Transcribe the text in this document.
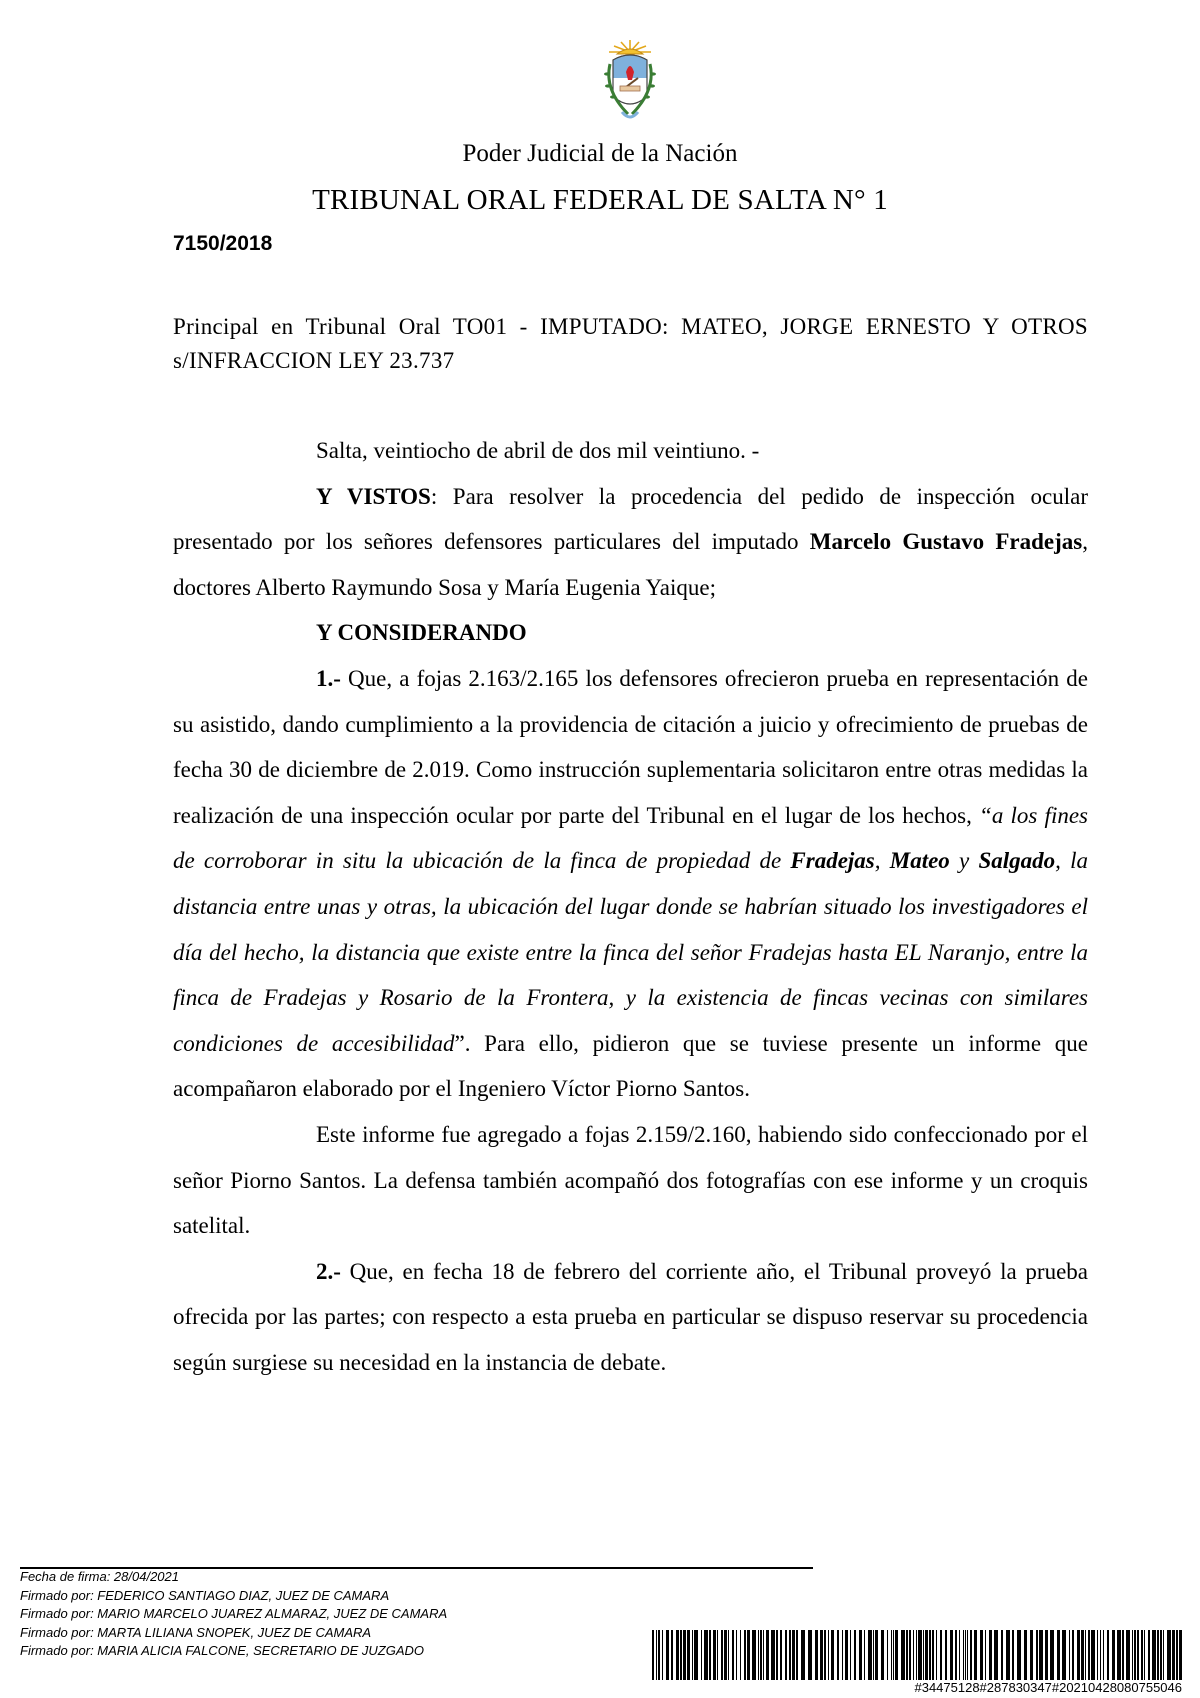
Poder Judicial de la Nación
TRIBUNAL ORAL FEDERAL DE SALTA N° 1
7150/2018
Principal en Tribunal Oral TO01 - IMPUTADO: MATEO, JORGE ERNESTO Y OTROS s/INFRACCION LEY 23.737

Salta, veintiocho de abril de dos mil veintiuno. -

Y VISTOS: Para resolver la procedencia del pedido de inspección ocular presentado por los señores defensores particulares del imputado Marcelo Gustavo Fradejas, doctores Alberto Raymundo Sosa y María Eugenia Yaique;

Y CONSIDERANDO

1.- Que, a fojas 2.163/2.165 los defensores ofrecieron prueba en representación de su asistido, dando cumplimiento a la providencia de citación a juicio y ofrecimiento de pruebas de fecha 30 de diciembre de 2.019. Como instrucción suplementaria solicitaron entre otras medidas la realización de una inspección ocular por parte del Tribunal en el lugar de los hechos, “a los fines de corroborar in situ la ubicación de la finca de propiedad de Fradejas, Mateo y Salgado, la distancia entre unas y otras, la ubicación del lugar donde se habrían situado los investigadores el día del hecho, la distancia que existe entre la finca del señor Fradejas hasta EL Naranjo, entre la finca de Fradejas y Rosario de la Frontera, y la existencia de fincas vecinas con similares condiciones de accesibilidad”. Para ello, pidieron que se tuviese presente un informe que acompañaron elaborado por el Ingeniero Víctor Piorno Santos.

Este informe fue agregado a fojas 2.159/2.160, habiendo sido confeccionado por el señor Piorno Santos. La defensa también acompañó dos fotografías con ese informe y un croquis satelital.

2.- Que, en fecha 18 de febrero del corriente año, el Tribunal proveyó la prueba ofrecida por las partes; con respecto a esta prueba en particular se dispuso reservar su procedencia según surgiese su necesidad en la instancia de debate.

Fecha de firma: 28/04/2021
Firmado por: FEDERICO SANTIAGO DIAZ, JUEZ DE CAMARA
Firmado por: MARIO MARCELO JUAREZ ALMARAZ, JUEZ DE CAMARA
Firmado por: MARTA LILIANA SNOPEK, JUEZ DE CAMARA
Firmado por: MARIA ALICIA FALCONE, SECRETARIO DE JUZGADO
#34475128#287830347#20210428080755046
